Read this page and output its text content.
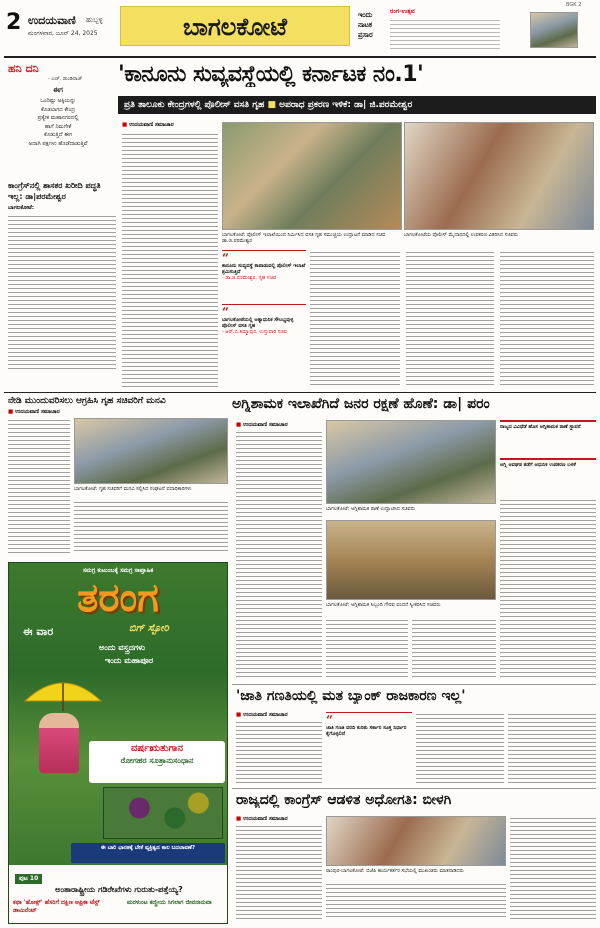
2 ಉದಯವಾಣಿ ಹುಬ್ಬಳ್ಳಿ
ಮಂಗಳವಾರ, ಜೂನ್ 24, 2025	ಬಾಗಲಕೋಟೆ	ಇಂದು ನಾಟಕ ಪ್ರಸಾರ
ರಂಗ-ಉತ್ಸವ
BGK 2
ಹನಿ ದನಿ
- ಎಚ್. ಡುಂಡಿರಾಜ್
ಈಗ
ಒಂದಿಷ್ಟು ಅಕ್ಕಿಯನ್ನು
ಕೊಡಲಾಗದ ಕೇಂದ್ರ
ಪ್ರತ್ಯೇಕ ಮಹಾನಗರದಲ್ಲಿ
ಹಾಗೆ ನಿಮಗೇಕೆ
ಕೊಡುತ್ತಿದೆ ಈಗ
ಅದಾಗಿ ಪಕ್ಷಗಳು ಹೊಡೆದಾಡುತ್ತಿವೆ
ಕಾಂಗ್ರೆಸ್‌ನಲ್ಲಿ ಶಾಸಕರ ಖರೀದಿ ಪದ್ಧತಿ ಇಲ್ಲ: ಡಾ|ಪರಮೇಶ್ವರ
ಬಾಗಲಕೋಟೆ:
'ಕಾನೂನು ಸುವ್ಯವಸ್ಥೆಯಲ್ಲಿ ಕರ್ನಾಟಕ ನಂ.1'
ಪ್ರತಿ ತಾಲೂಕು ಕೇಂದ್ರಗಳಲ್ಲಿ ಪೊಲೀಸ್ ವಸತಿ ಗೃಹ ■ ಅಪರಾಧ ಪ್ರಕರಣ ಇಳಿಕೆ: ಡಾ| ಜಿ.ಪರಮೇಶ್ವರ
■ ಉದಯವಾಣಿ ಸಮಾಚಾರ
ಬಾಗಲಕೋಟೆ: ಪೊಲೀಸ್ ಇಲಾಖೆಯಿಂದ ನಿರ್ಮಿಸಿದ ವಸತಿ ಗೃಹ ಸಮುಚ್ಚಯ ಉದ್ಘಾಟನೆ ಮಾಡಿದ ಸಚಿವ ಡಾ.ಜಿ.ಪರಮೇಶ್ವರ
ಬಾಗಲಕೋಟೆಯ ಪೊಲೀಸ್ ಮೈದಾನದಲ್ಲಿ ಉಪಕರಣ ವಿತರಿಸಿದ ಸಚಿವರು
“
ಕಾನೂನು ಸುವ್ಯವಸ್ಥೆ ಕಾಪಾಡುವಲ್ಲಿ ಪೊಲೀಸ್ ಇಲಾಖೆ ಶ್ರಮಿಸುತ್ತಿದೆ
- ಡಾ.ಜಿ.ಪರಮೇಶ್ವರ, ಗೃಹ ಸಚಿವ
“
ಬಾಗಲಕೋಟೆಯಲ್ಲಿ ಅತ್ಯಾಧುನಿಕ ಸೌಲಭ್ಯವುಳ್ಳ ಪೊಲೀಸ್ ವಸತಿ ಗೃಹ
- ಆರ್.ಬಿ.ತಿಮ್ಮಾಪುರ, ಉಸ್ತುವಾರಿ ಸಚಿವ
ನೇಡಿ ಮುಂದುವರಿಸಲು ಆಗ್ರಹಿಸಿ ಗೃಹ ಸಚಿವರಿಗೆ ಮನವಿ
■ ಉದಯವಾಣಿ ಸಮಾಚಾರ
ಬಾಗಲಕೋಟೆ: ಗೃಹ ಸಚಿವರಿಗೆ ಮನವಿ ಸಲ್ಲಿಸಿದ ಸಂಘಟನೆ ಪದಾಧಿಕಾರಿಗಳು
ಅಗ್ನಿಶಾಮಕ ಇಲಾಖೆಗಿದೆ ಜನರ ರಕ್ಷಣೆ ಹೊಣೆ: ಡಾ| ಪರಂ
■ ಉದಯವಾಣಿ ಸಮಾಚಾರ
ಬಾಗಲಕೋಟೆ: ಅಗ್ನಿಶಾಮಕ ಠಾಣೆ ಉದ್ಘಾಟಿಸಿದ ಸಚಿವರು
ಬಾಗಲಕೋಟೆ: ಅಗ್ನಿಶಾಮಕ ಸಿಬ್ಬಂದಿ ಗೌರವ ವಂದನೆ ಸ್ವೀಕರಿಸಿದ ಸಚಿವರು
ರಾಜ್ಯದ ವಿವಿಧೆಡೆ ಹೊಸ ಅಗ್ನಿಶಾಮಕ ಠಾಣೆ ಸ್ಥಾಪನೆ
ಅಗ್ನಿ ಅವಘಡ ತಡೆಗೆ ಆಧುನಿಕ ಉಪಕರಣ ಬಳಕೆ
'ಜಾತಿ ಗಣತಿಯಲ್ಲಿ ಮತ ಬ್ಯಾಂಕ್ ರಾಜಕಾರಣ ಇಲ್ಲ'
■ ಉದಯವಾಣಿ ಸಮಾಚಾರ	“
ಜಾತಿ ಗಣತಿ ವರದಿ ಕುರಿತು ಸರ್ಕಾರ ಸೂಕ್ತ ನಿರ್ಧಾರ ಕೈಗೊಳ್ಳಲಿದೆ
ರಾಜ್ಯದಲ್ಲಿ ಕಾಂಗ್ರೆಸ್ ಆಡಳಿತ ಅಧೋಗತಿ: ಬೀಳಗಿ
■ ಉದಯವಾಣಿ ಸಮಾಚಾರ
ರಾಂಪುರ-ಬಾಗಲಕೋಟೆ: ಬಿಜೆಪಿ ಕಾರ್ಯಕರ್ತರ ಸಭೆಯಲ್ಲಿ ಮುಖಂಡರು ಮಾತನಾಡಿದರು
ಸಮಗ್ರ ಕುಟುಂಬಕ್ಕೆ ಸಮಗ್ರ ಸಾಪ್ತಾಹಿಕ
ತರಂಗ
ಈ ವಾರ	ಬಿಗ್ ಸ್ಟೋರಿ
ಅಂದು ವಸ್ತ್ರದಗಳು
ಇಂದು ಮಹಾಪೂರ
ವರ್ಷಋತುಗಾನ
ರೋಗಹರ ಸೂತ್ರಾನುಸಂಧಾನ
ಈ ಬಾರಿ ಭಾರತಕ್ಕೆ ಬೇಕೆ ವ್ಯಕ್ತಿತ್ವದ ಕಾಲ ಬದಲಾವಣೆ?
ಪುಟ 10
ಅಂತಾರಾಷ್ಟ್ರೀಯ ಗಡಿರೇಖೆಗಳು ಗುರುತು-ಪತ್ತೆಯ್ಯ?
ಕಥಾ 'ಹೋಕ್ಸ್' ಹೆಸರಿಗೆ ದಕ್ಷಿಣ ಆಫ್ರಿಕಾ ಟೆಸ್ಟ್ ಡಾಮಿನೆಂಟ್
ಮರಳುಂಟ ಕಣ್ಣೀಯ ಸಿಗಲಾಗ ಜೀವನಾನುವಾ
